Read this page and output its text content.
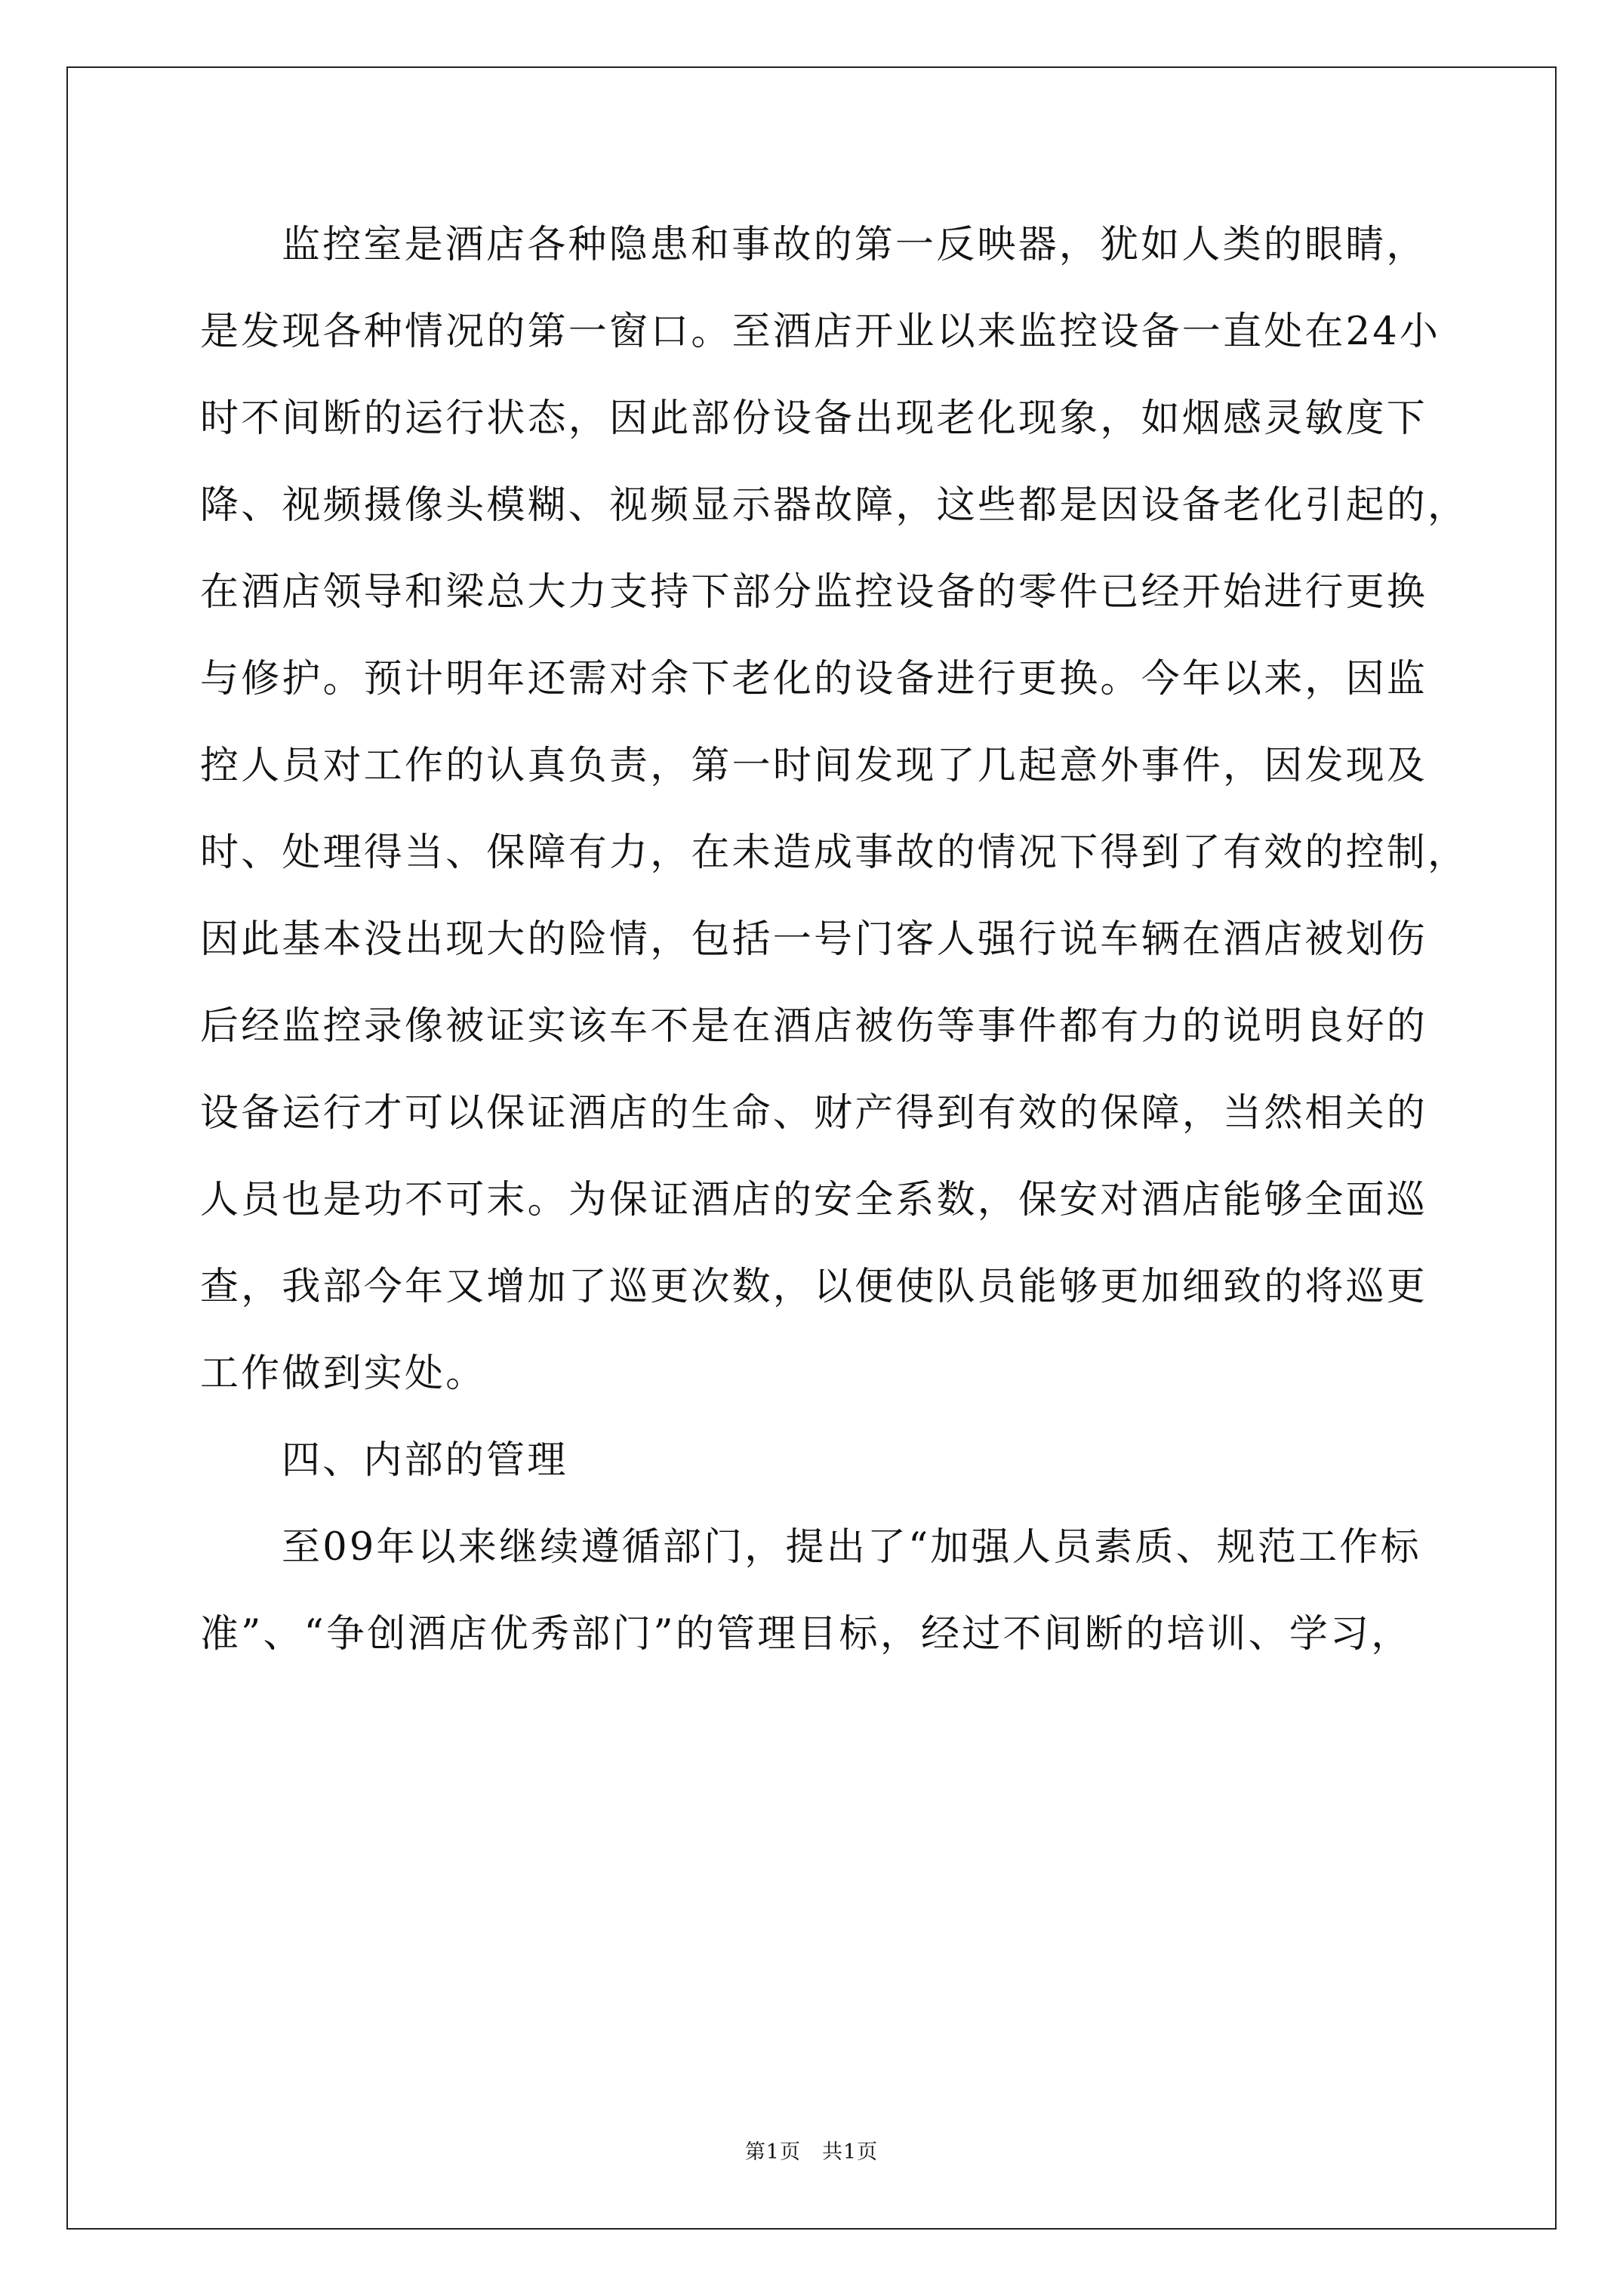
监控室是酒店各种隐患和事故的第一反映器，犹如人类的眼睛，
是发现各种情况的第一窗口。至酒店开业以来监控设备一直处在24小
时不间断的运行状态，因此部份设备出现老化现象，如烟感灵敏度下
降、视频摄像头模糊、视频显示器故障，这些都是因设备老化引起的，
在酒店领导和梁总大力支持下部分监控设备的零件已经开始进行更换
与修护。预计明年还需对余下老化的设备进行更换。今年以来，因监
控人员对工作的认真负责，第一时间发现了几起意外事件，因发现及
时、处理得当、保障有力，在未造成事故的情况下得到了有效的控制，
因此基本没出现大的险情，包括一号门客人强行说车辆在酒店被划伤
后经监控录像被证实该车不是在酒店被伤等事件都有力的说明良好的
设备运行才可以保证酒店的生命、财产得到有效的保障，当然相关的
人员也是功不可末。为保证酒店的安全系数，保安对酒店能够全面巡
查，我部今年又增加了巡更次数，以便使队员能够更加细致的将巡更
工作做到实处。
四、内部的管理
至09年以来继续遵循部门，提出了“加强人员素质、规范工作标
准”、“争创酒店优秀部门”的管理目标，经过不间断的培训、学习，
第1页　共1页
